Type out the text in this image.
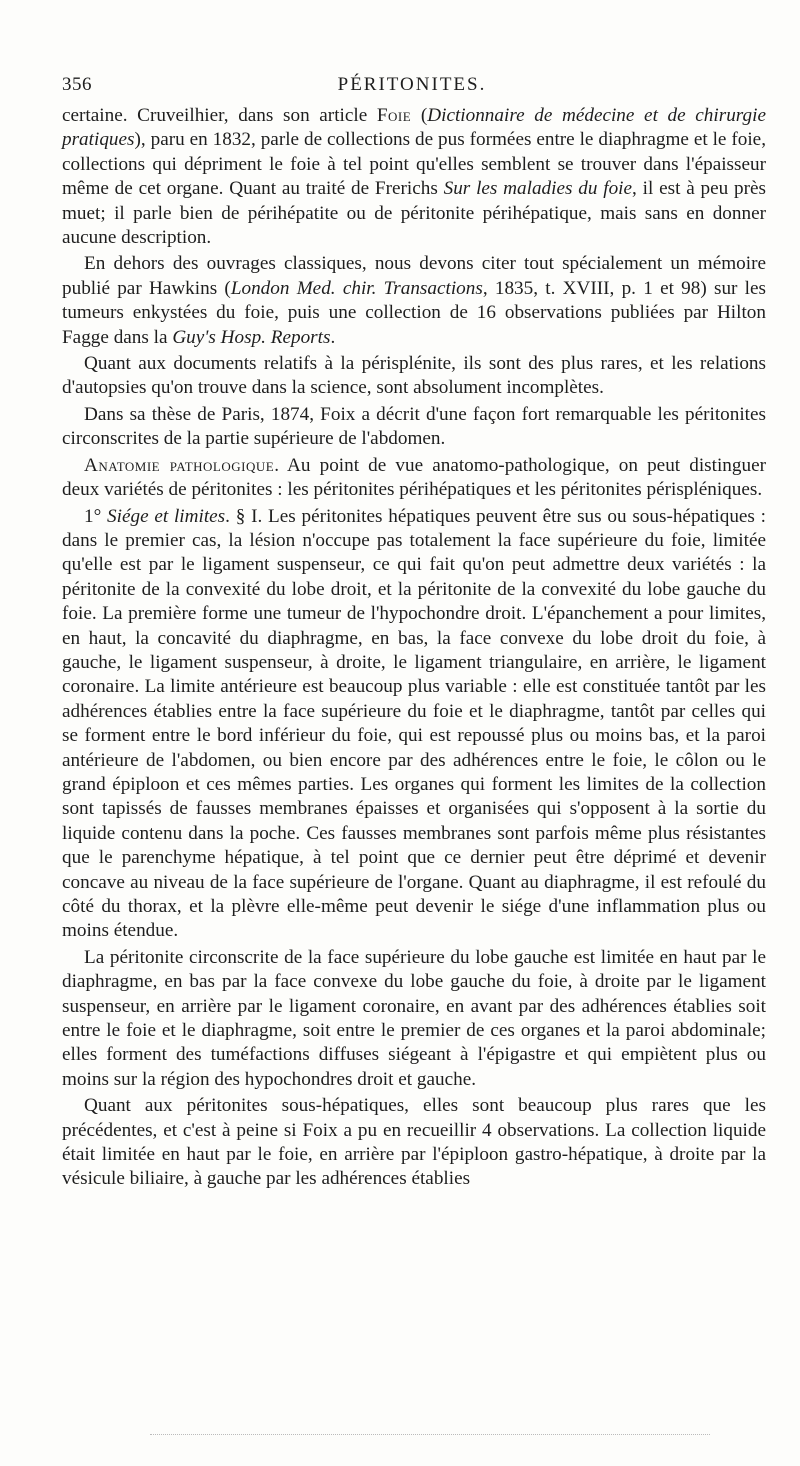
356	PÉRITONITES.

certaine. Cruveilhier, dans son article Foie (Dictionnaire de médecine et de chirurgie pratiques), paru en 1832, parle de collections de pus formées entre le diaphragme et le foie, collections qui dépriment le foie à tel point qu'elles semblent se trouver dans l'épaisseur même de cet organe. Quant au traité de Frerichs Sur les maladies du foie, il est à peu près muet; il parle bien de périhépatite ou de péritonite périhépatique, mais sans en donner aucune description.

En dehors des ouvrages classiques, nous devons citer tout spécialement un mémoire publié par Hawkins (London Med. chir. Transactions, 1835, t. XVIII, p. 1 et 98) sur les tumeurs enkystées du foie, puis une collection de 16 observations publiées par Hilton Fagge dans la Guy's Hosp. Reports.

Quant aux documents relatifs à la périsplénite, ils sont des plus rares, et les relations d'autopsies qu'on trouve dans la science, sont absolument incomplètes.

Dans sa thèse de Paris, 1874, Foix a décrit d'une façon fort remarquable les péritonites circonscrites de la partie supérieure de l'abdomen.

Anatomie pathologique. Au point de vue anatomo-pathologique, on peut distinguer deux variétés de péritonites : les péritonites périhépatiques et les péritonites périspléniques.

1° Siége et limites. § I. Les péritonites hépatiques peuvent être sus ou sous-hépatiques : dans le premier cas, la lésion n'occupe pas totalement la face supérieure du foie, limitée qu'elle est par le ligament suspenseur, ce qui fait qu'on peut admettre deux variétés : la péritonite de la convexité du lobe droit, et la péritonite de la convexité du lobe gauche du foie. La première forme une tumeur de l'hypochondre droit. L'épanchement a pour limites, en haut, la concavité du diaphragme, en bas, la face convexe du lobe droit du foie, à gauche, le ligament suspenseur, à droite, le ligament triangulaire, en arrière, le ligament coronaire. La limite antérieure est beaucoup plus variable : elle est constituée tantôt par les adhérences établies entre la face supérieure du foie et le diaphragme, tantôt par celles qui se forment entre le bord inférieur du foie, qui est repoussé plus ou moins bas, et la paroi antérieure de l'abdomen, ou bien encore par des adhérences entre le foie, le côlon ou le grand épiploon et ces mêmes parties. Les organes qui forment les limites de la collection sont tapissés de fausses membranes épaisses et organisées qui s'opposent à la sortie du liquide contenu dans la poche. Ces fausses membranes sont parfois même plus résistantes que le parenchyme hépatique, à tel point que ce dernier peut être déprimé et devenir concave au niveau de la face supérieure de l'organe. Quant au diaphragme, il est refoulé du côté du thorax, et la plèvre elle-même peut devenir le siége d'une inflammation plus ou moins étendue.

La péritonite circonscrite de la face supérieure du lobe gauche est limitée en haut par le diaphragme, en bas par la face convexe du lobe gauche du foie, à droite par le ligament suspenseur, en arrière par le ligament coronaire, en avant par des adhérences établies soit entre le foie et le diaphragme, soit entre le premier de ces organes et la paroi abdominale; elles forment des tuméfactions diffuses siégeant à l'épigastre et qui empiètent plus ou moins sur la région des hypochondres droit et gauche.

Quant aux péritonites sous-hépatiques, elles sont beaucoup plus rares que les précédentes, et c'est à peine si Foix a pu en recueillir 4 observations. La collection liquide était limitée en haut par le foie, en arrière par l'épiploon gastro-hépatique, à droite par la vésicule biliaire, à gauche par les adhérences établies
